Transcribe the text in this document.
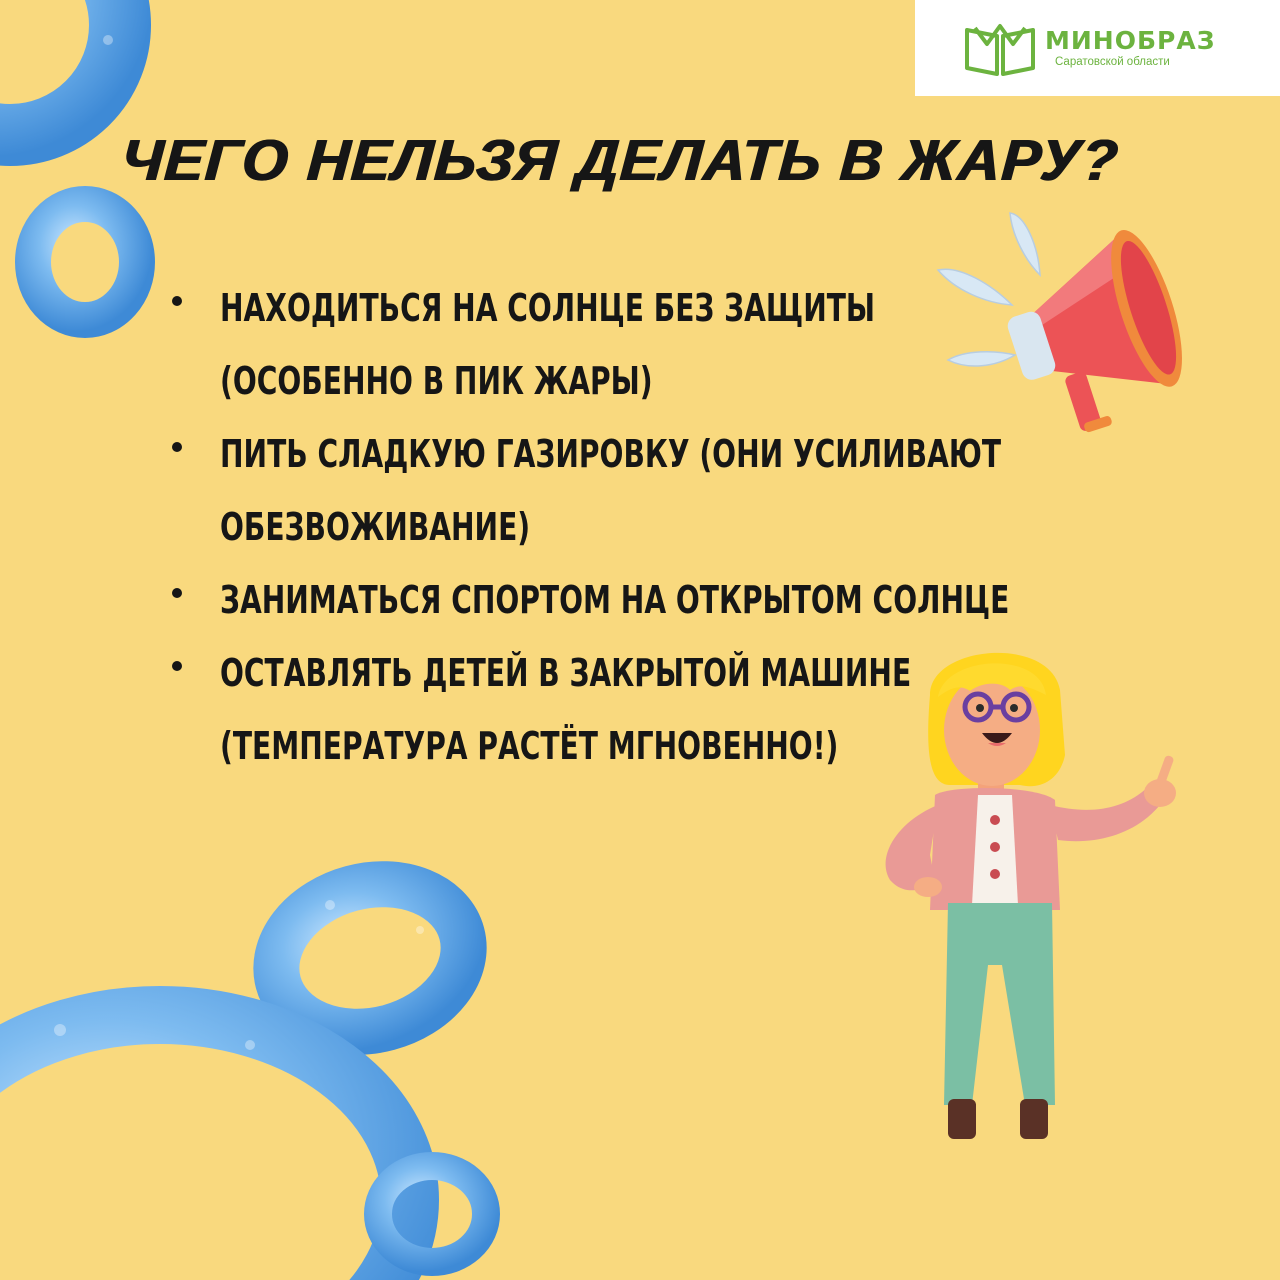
МИНОБРАЗ
Саратовской области
ЧЕГО НЕЛЬЗЯ ДЕЛАТЬ В ЖАРУ?
НАХОДИТЬСЯ НА СОЛНЦЕ БЕЗ ЗАЩИТЫ
(ОСОБЕННО В ПИК ЖАРЫ)
ПИТЬ СЛАДКУЮ ГАЗИРОВКУ (ОНИ УСИЛИВАЮТ
ОБЕЗВОЖИВАНИЕ)
ЗАНИМАТЬСЯ СПОРТОМ НА ОТКРЫТОМ СОЛНЦЕ
ОСТАВЛЯТЬ ДЕТЕЙ В ЗАКРЫТОЙ МАШИНЕ
(ТЕМПЕРАТУРА РАСТЁТ МГНОВЕННО!)
